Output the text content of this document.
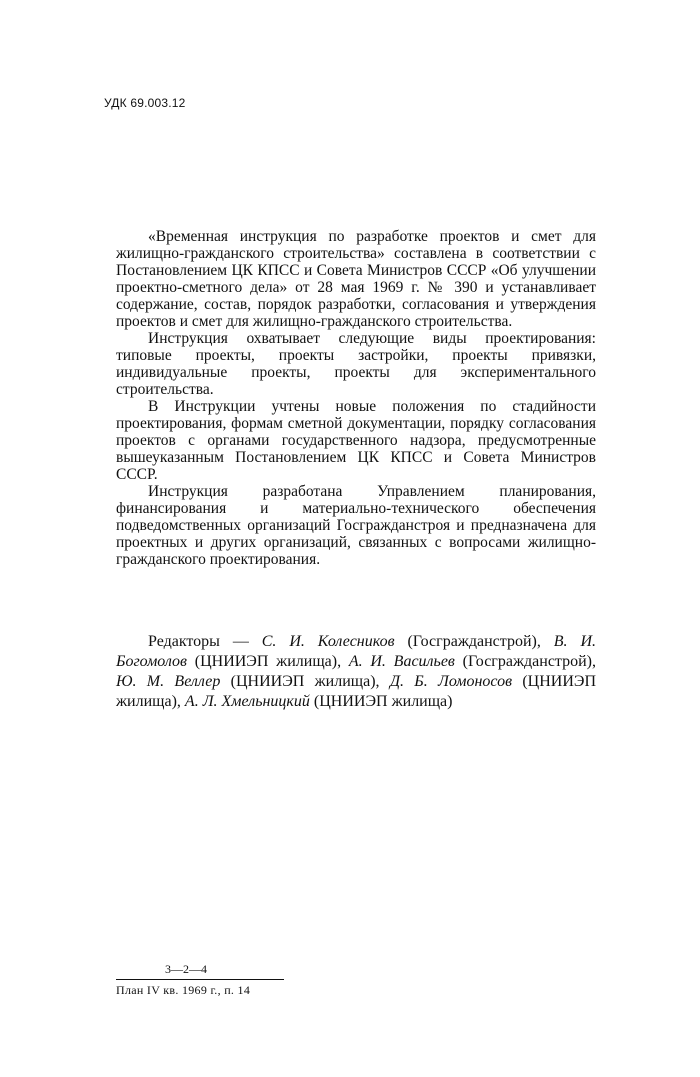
УДК 69.003.12

«Временная инструкция по разработке проектов и смет для жилищно-гражданского строительства» составлена в соответствии с Постановлением ЦК КПСС и Совета Министров СССР «Об улучшении проектно-сметного дела» от 28 мая 1969 г. № 390 и устанавливает содержание, состав, порядок разработки, согласования и утверждения проектов и смет для жилищно-гражданского строительства.

Инструкция охватывает следующие виды проектирования: типовые проекты, проекты застройки, проекты привязки, индивидуальные проекты, проекты для экспериментального строительства.

В Инструкции учтены новые положения по стадийности проектирования, формам сметной документации, порядку согласования проектов с органами государственного надзора, предусмотренные вышеуказанным Постановлением ЦК КПСС и Совета Министров СССР.

Инструкция разработана Управлением планирования, финансирования и материально-технического обеспечения подведомственных организаций Госгражданстроя и предназначена для проектных и других организаций, связанных с вопросами жилищно-гражданского проектирования.

Редакторы — С. И. Колесников (Госгражданстрой), В. И. Богомолов (ЦНИИЭП жилища), А. И. Васильев (Госгражданстрой), Ю. М. Веллер (ЦНИИЭП жилища), Д. Б. Ломоносов (ЦНИИЭП жилища), А. Л. Хмельницкий (ЦНИИЭП жилища)
3—2—4
План IV кв. 1969 г., п. 14
